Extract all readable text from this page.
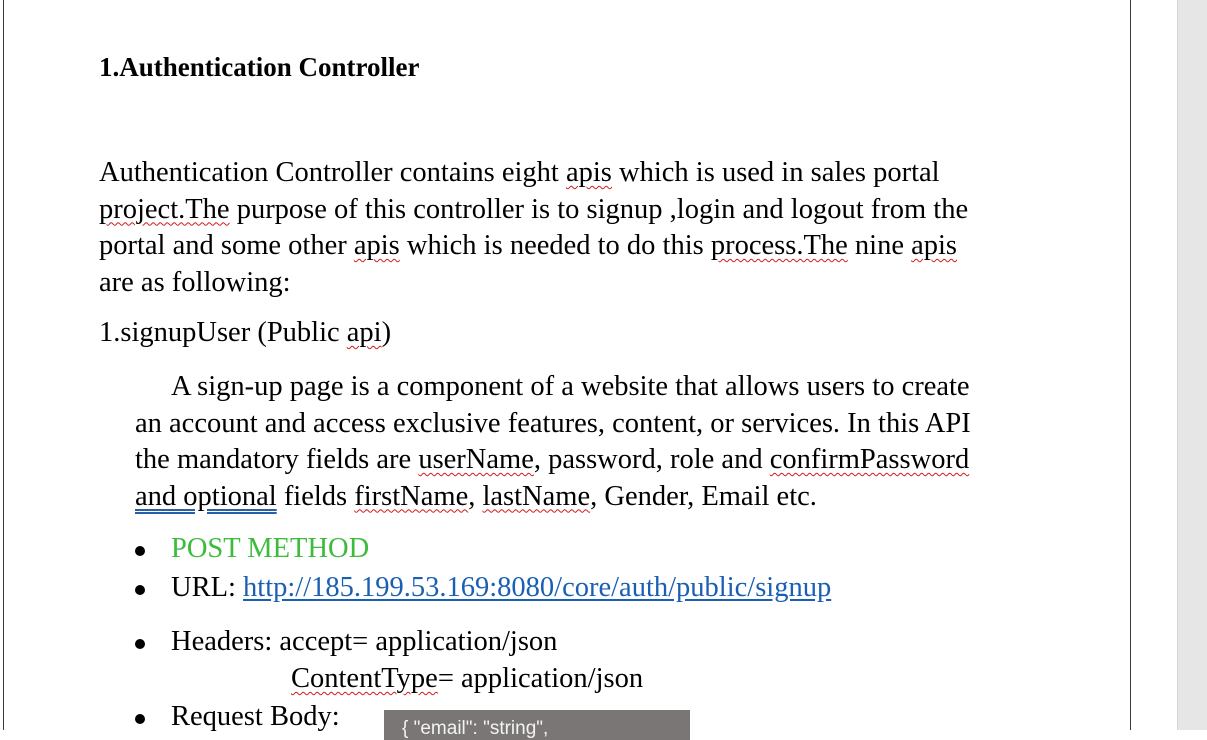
1.Authentication Controller

Authentication Controller contains eight apis which is used in sales portal
project.The purpose of this controller is to signup ,login and logout from the
portal and some other apis which is needed to do this process.The nine apis
are as following:

1.signupUser (Public api)

A sign-up page is a component of a website that allows users to create
an account and access exclusive features, content, or services. In this API
the mandatory fields are userName, password, role and confirmPassword
and optional fields firstName, lastName, Gender, Email etc.

POST METHOD
URL: http://185.199.53.169:8080/core/auth/public/signup
Headers: accept= application/json
ContentType= application/json
Request Body:	{ "email": "string",
